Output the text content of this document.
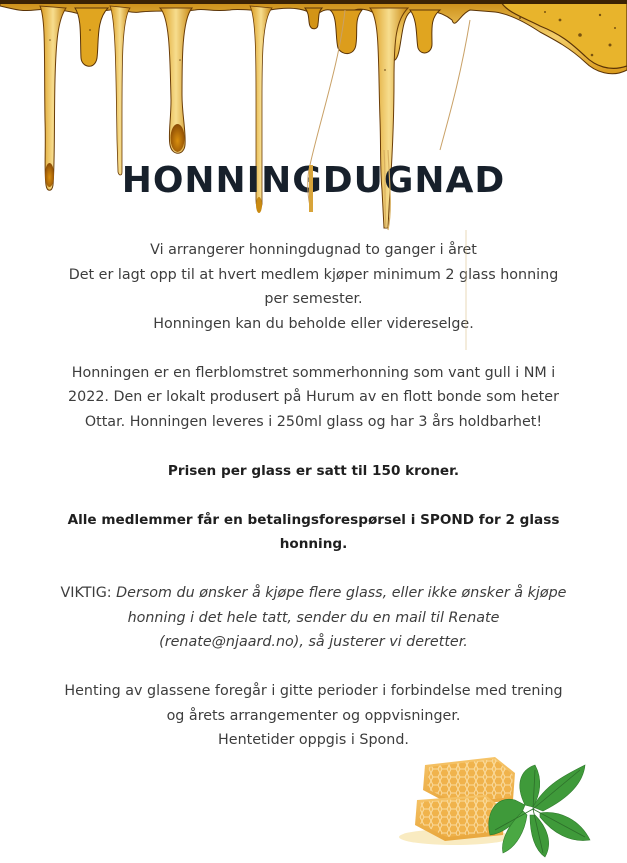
HONNINGDUGNAD

Vi arrangerer honningdugnad to ganger i året

Det er lagt opp til at hvert medlem kjøper minimum 2 glass honning

per semester.

Honningen kan du beholde eller videreselge.

Honningen er en flerblomstret sommerhonning som vant gull i NM i

2022. Den er lokalt produsert på Hurum av en flott bonde som heter

Ottar. Honningen leveres i 250ml glass og har 3 års holdbarhet!

Prisen per glass er satt til 150 kroner.

Alle medlemmer får en betalingsforespørsel i SPOND for 2 glass

honning.

VIKTIG: Dersom du ønsker å kjøpe flere glass, eller ikke ønsker å kjøpe

honning i det hele tatt, sender du en mail til Renate

(renate@njaard.no), så justerer vi deretter.

Henting av glassene foregår i gitte perioder i forbindelse med trening

og årets arrangementer og oppvisninger.

Hentetider oppgis i Spond.
